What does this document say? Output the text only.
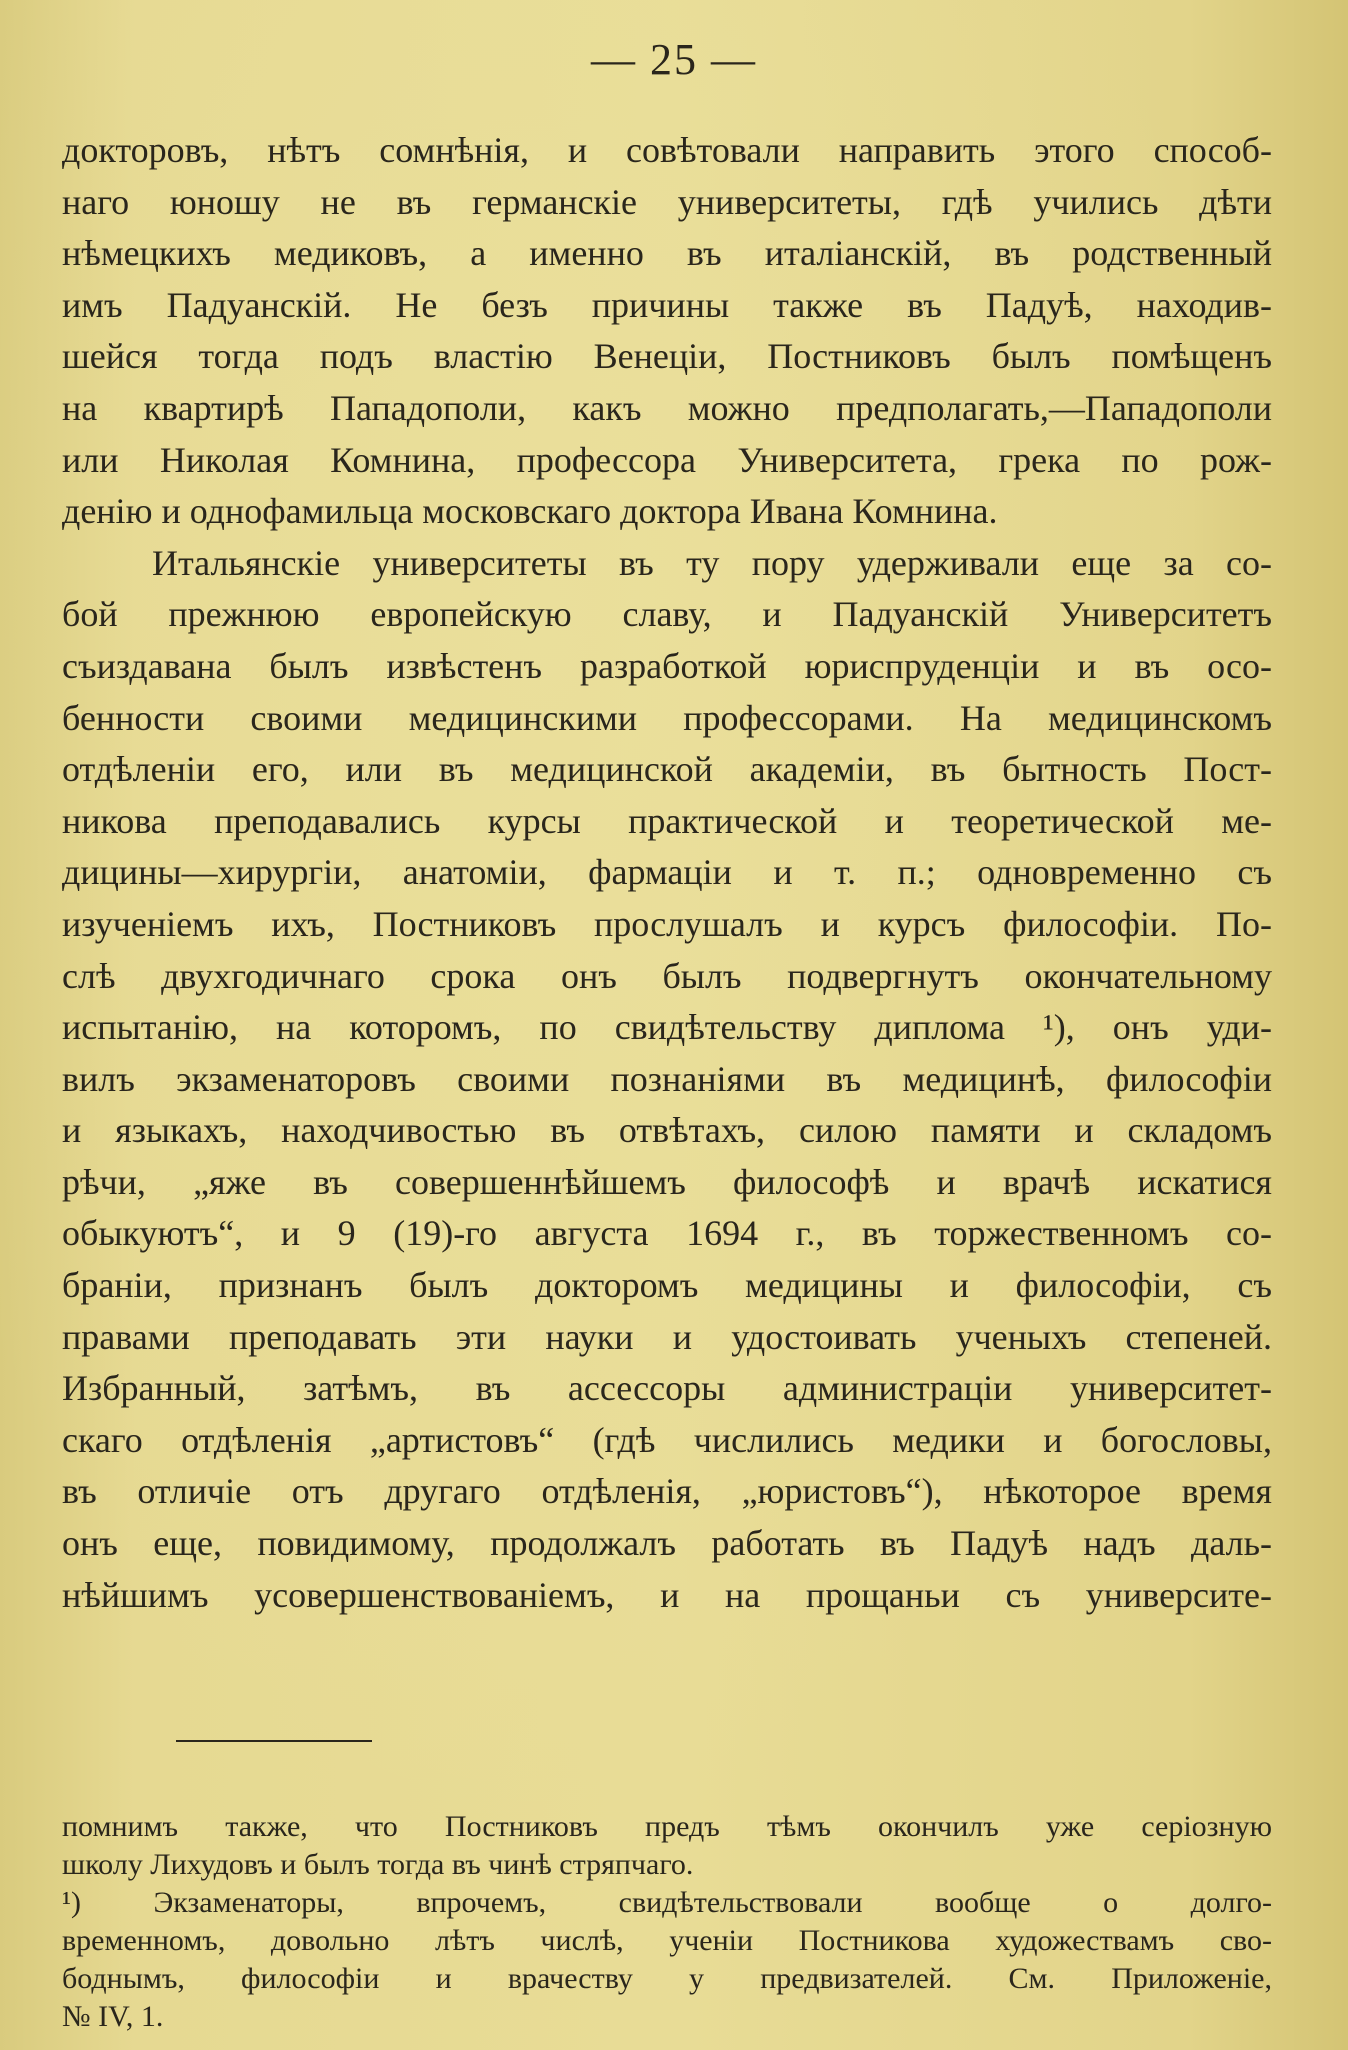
— 25 —
докторовъ, нѣтъ сомнѣнія, и совѣтовали направить этого способ-
наго юношу не въ германскіе университеты, гдѣ учились дѣти
нѣмецкихъ медиковъ, а именно въ италіанскій, въ родственный
имъ Падуанскій. Не безъ причины также въ Падуѣ, находив-
шейся тогда подъ властію Венеціи, Постниковъ былъ помѣщенъ
на квартирѣ Пападополи, какъ можно предполагать,—Пападополи
или Николая Комнина, профессора Университета, грека по рож-
денію и однофамильца московскаго доктора Ивана Комнина.
Итальянскіе университеты въ ту пору удерживали еще за со-
бой прежнюю европейскую славу, и Падуанскій Университетъ
съиздавана былъ извѣстенъ разработкой юриспруденціи и въ осо-
бенности своими медицинскими профессорами. На медицинскомъ
отдѣленіи его, или въ медицинской академіи, въ бытность Пост-
никова преподавались курсы практической и теоретической ме-
дицины—хирургіи, анатоміи, фармаціи и т. п.; одновременно съ
изученіемъ ихъ, Постниковъ прослушалъ и курсъ философіи. По-
слѣ двухгодичнаго срока онъ былъ подвергнутъ окончательному
испытанію, на которомъ, по свидѣтельству диплома ¹), онъ уди-
вилъ экзаменаторовъ своими познаніями въ медицинѣ, философіи
и языкахъ, находчивостью въ отвѣтахъ, силою памяти и складомъ
рѣчи, „яже въ совершеннѣйшемъ философѣ и врачѣ искатися
обыкуютъ“, и 9 (19)-го августа 1694 г., въ торжественномъ со-
браніи, признанъ былъ докторомъ медицины и философіи, съ
правами преподавать эти науки и удостоивать ученыхъ степеней.
Избранный, затѣмъ, въ ассессоры администраціи университет-
скаго отдѣленія „артистовъ“ (гдѣ числились медики и богословы,
въ отличіе отъ другаго отдѣленія, „юристовъ“), нѣкоторое время
онъ еще, повидимому, продолжалъ работать въ Падуѣ надъ даль-
нѣйшимъ усовершенствованіемъ, и на прощаньи съ университе-
помнимъ также, что Постниковъ предъ тѣмъ окончилъ уже серіозную
школу Лихудовъ и былъ тогда въ чинѣ стряпчаго.
¹) Экзаменаторы, впрочемъ, свидѣтельствовали вообще о долго-
временномъ, довольно лѣтъ числѣ, ученіи Постникова художествамъ сво-
боднымъ, философіи и врачеству у предвизателей. См. Приложеніе,
№ IV, 1.
